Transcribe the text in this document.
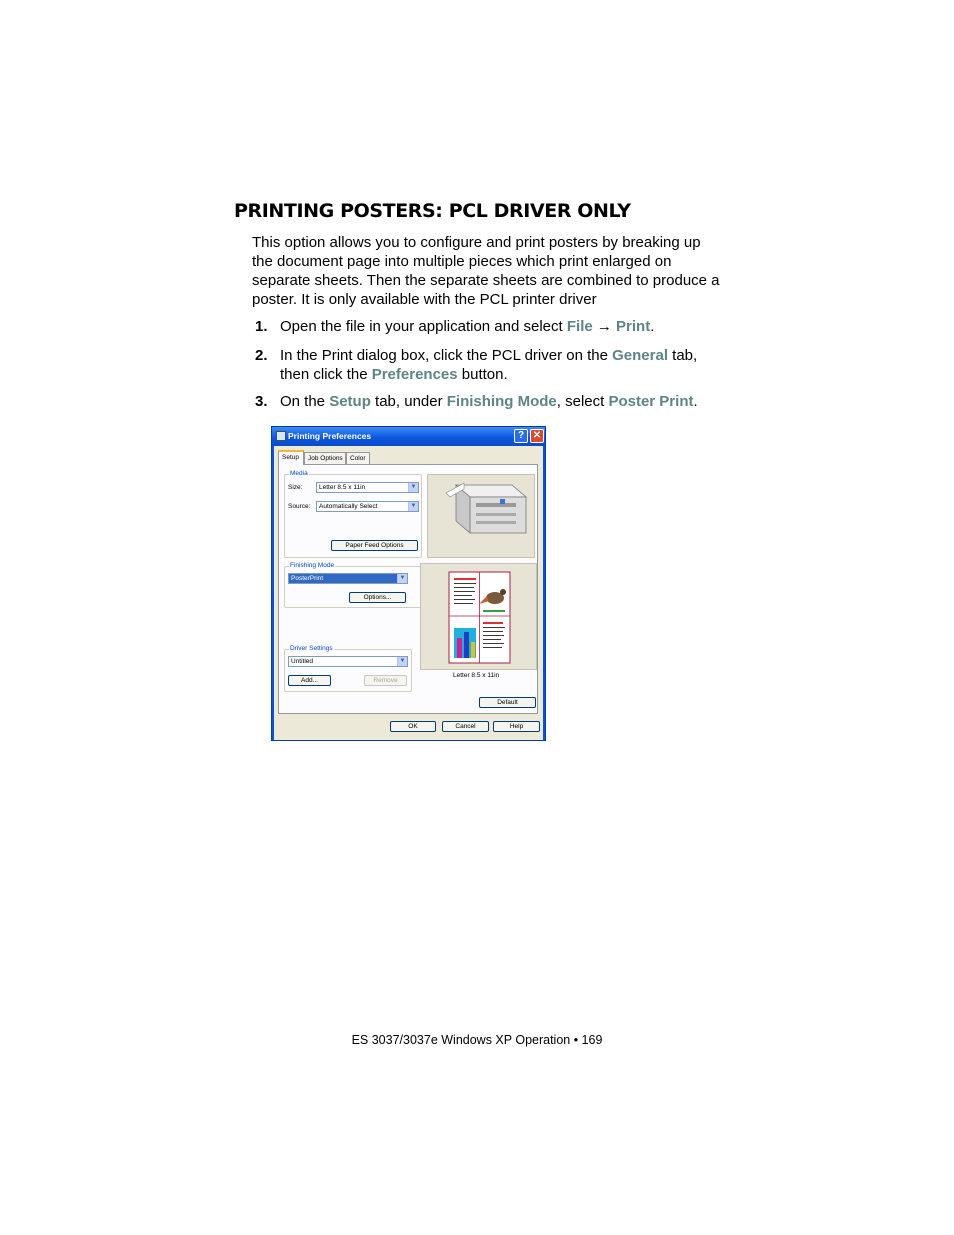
PRINTING POSTERS: PCL DRIVER ONLY

This option allows you to configure and print posters by breaking up the document page into multiple pieces which print enlarged on separate sheets. Then the separate sheets are combined to produce a poster. It is only available with the PCL printer driver

1. Open the file in your application and select File → Print.
2. In the Print dialog box, click the PCL driver on the General tab, then click the Preferences button.
3. On the Setup tab, under Finishing Mode, select Poster Print.
Printing Preferences	? ✕
Setup	Job Options	Color
Media
Size:	Letter 8.5 x 11in	▼
Source:	Automatically Select	▼
Paper Feed Options
Finishing Mode
PosterPrint	▼
Options...
Letter 8.5 x 11in
Driver Settings
Untitled	▼
Add...	Remove
Default
OK	Cancel	Help
ES 3037/3037e Windows XP Operation • 169
